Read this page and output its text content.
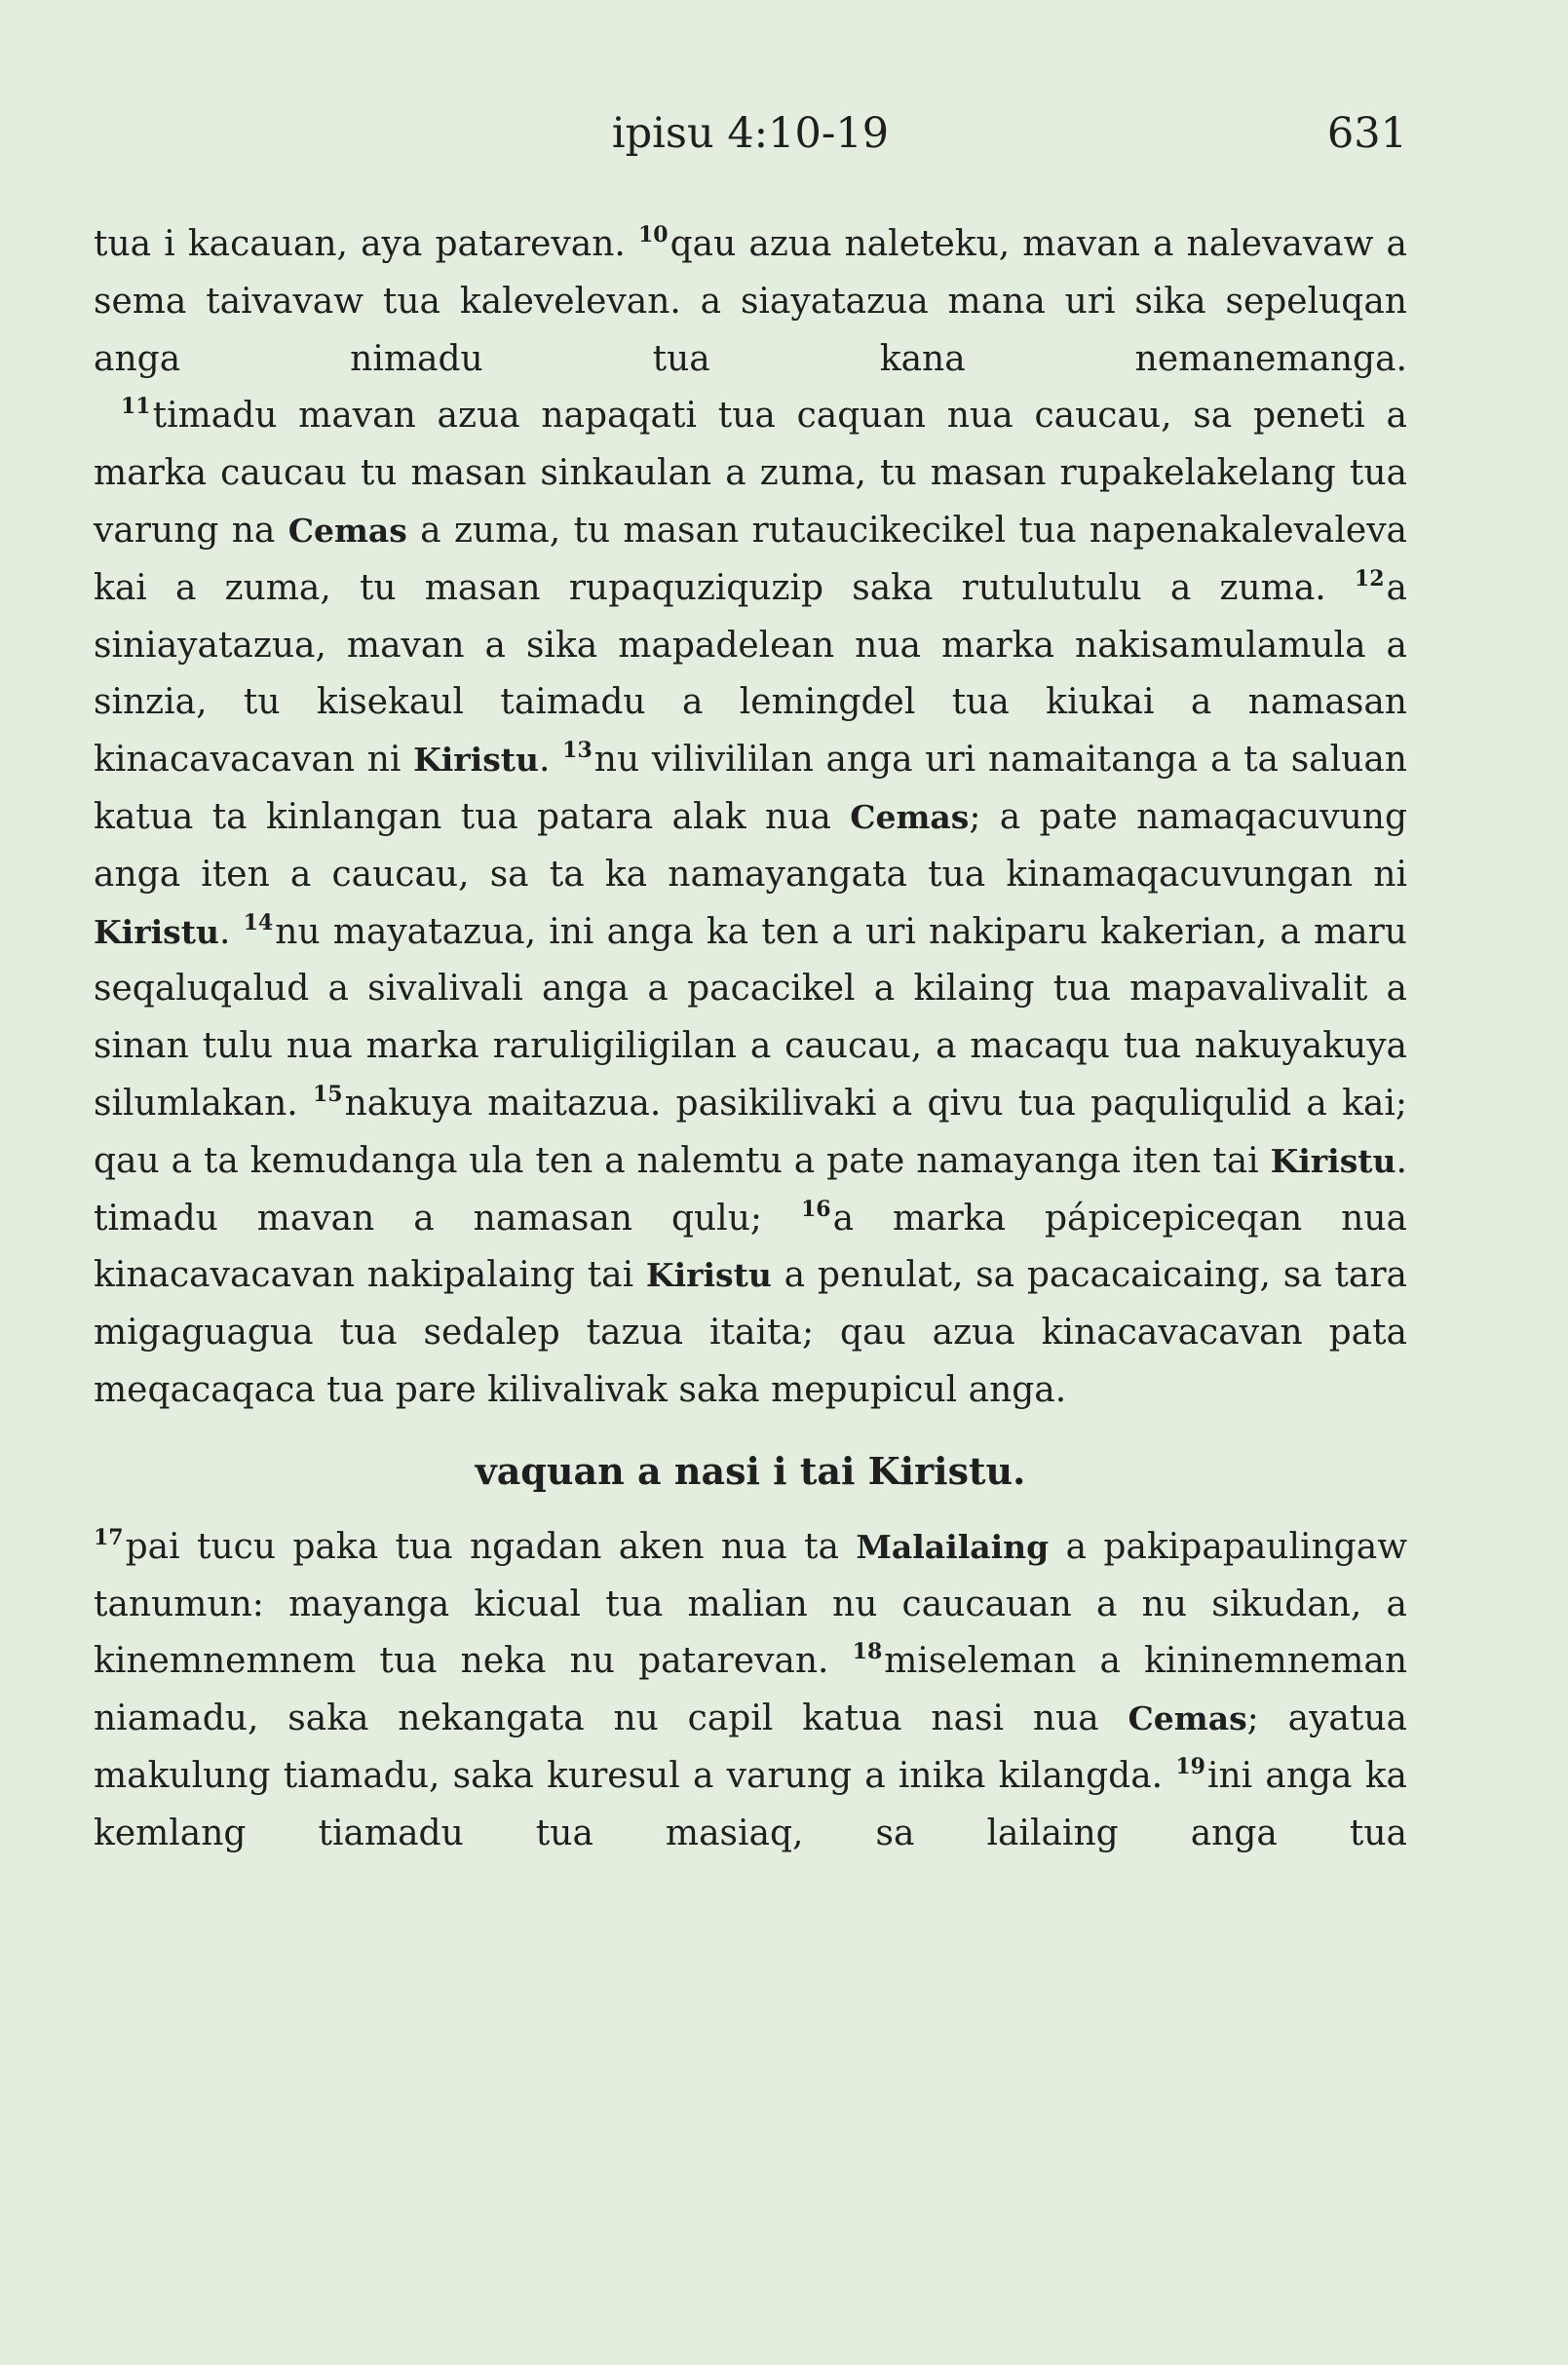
ipisu 4:10-19	631

tua i kacauan, aya patarevan. $^{10}$qau azua naleteku, mavan a nalevavaw a sema taivavaw tua kalevelevan. a siayatazua mana uri sika sepeluqan anga nimadu tua kana nemanemanga.

$^{11}$timadu mavan azua napaqati tua caquan nua caucau, sa peneti a marka caucau tu masan sinkaulan a zuma, tu masan rupakelakelang tua varung na Cemas a zuma, tu masan rutaucikecikel tua napenakalevaleva kai a zuma, tu masan rupaquziquzip saka rutulutulu a zuma. $^{12}$a siniayatazua, mavan a sika mapadelean nua marka nakisamulamula a sinzia, tu kisekaul taimadu a lemingdel tua kiukai a namasan kinacavacavan ni Kiristu. $^{13}$nu vilivililan anga uri namaitanga a ta saluan katua ta kinlangan tua patara alak nua Cemas; a pate namaqacuvung anga iten a caucau, sa ta ka namayangata tua kinamaqacuvungan ni Kiristu. $^{14}$nu mayatazua, ini anga ka ten a uri nakiparu kakerian, a maru seqaluqalud a sivalivali anga a pacacikel a kilaing tua mapavalivalit a sinan tulu nua marka raruligiligilan a caucau, a macaqu tua nakuyakuya silumlakan. $^{15}$nakuya maitazua. pasikilivaki a qivu tua paquliqulid a kai; qau a ta kemudanga ula ten a nalemtu a pate namayanga iten tai Kiristu. timadu mavan a namasan qulu; $^{16}$a marka pápicepiceqan nua kinacavacavan nakipalaing tai Kiristu a penulat, sa pacacaicaing, sa tara migaguagua tua sedalep tazua itaita; qau azua kinacavacavan pata meqacaqaca tua pare kilivalivak saka mepupicul anga.

vaquan a nasi i tai Kiristu.

$^{17}$pai tucu paka tua ngadan aken nua ta Malailaing a pakipapaulingaw tanumun: mayanga kicual tua malian nu caucauan a nu sikudan, a kinemnemnem tua neka nu patarevan. $^{18}$miseleman a kininemneman niamadu, saka nekangata nu capil katua nasi nua Cemas; ayatua makulung tiamadu, saka kuresul a varung a inika kilangda. $^{19}$ini anga ka kemlang tiamadu tua masiaq, sa lailaing anga tua
